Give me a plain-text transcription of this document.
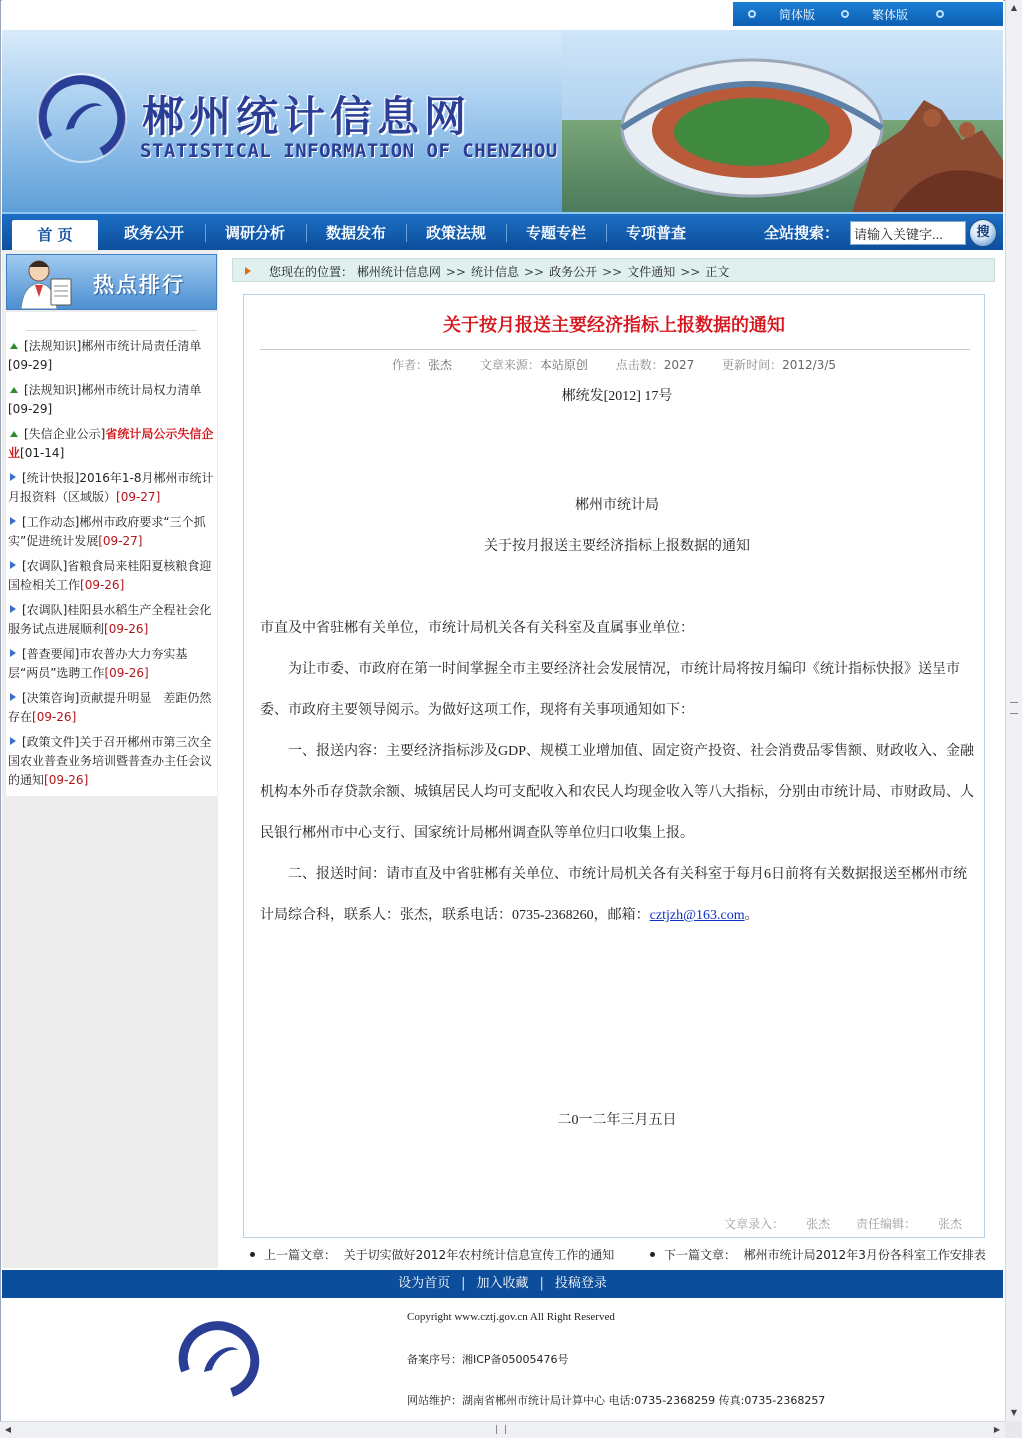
简体版	繁体版
郴州统计信息网
STATISTICAL INFORMATION OF CHENZHOU
首 页	政务公开	调研分析	数据发布	政策法规	专题专栏	专项普查	全站搜索：
请输入关键字...	搜
热点排行
[法规知识]郴州市统计局责任清单
[09-29]
[法规知识]郴州市统计局权力清单
[09-29]
[失信企业公示]省统计局公示失信企业[01-14]
[统计快报]2016年1-8月郴州市统计月报资料（区域版）[09-27]
[工作动态]郴州市政府要求“三个抓实”促进统计发展[09-27]
[农调队]省粮食局来桂阳夏核粮食迎国检相关工作[09-26]
[农调队]桂阳县水稻生产全程社会化服务试点进展顺利[09-26]
[普查要闻]市农普办大力夯实基层“两员”选聘工作[09-26]
[决策咨询]贡献提升明显　差距仍然存在[09-26]
[政策文件]关于召开郴州市第三次全国农业普查业务培训暨普查办主任会议的通知[09-26]
您现在的位置： 郴州统计信息网 >> 统计信息 >> 政务公开 >> 文件通知 >> 正文
关于按月报送主要经济指标上报数据的通知
作者：张杰 文章来源：本站原创 点击数：2027 更新时间：2012/3/5

郴统发[2012] 17号

郴州市统计局

关于按月报送主要经济指标上报数据的通知

市直及中省驻郴有关单位，市统计局机关各有关科室及直属事业单位：

为让市委、市政府在第一时间掌握全市主要经济社会发展情况，市统计局将按月编印《统计指标快报》送呈市委、市政府主要领导阅示。为做好这项工作，现将有关事项通知如下：

一、报送内容：主要经济指标涉及GDP、规模工业增加值、固定资产投资、社会消费品零售额、财政收入、金融机构本外币存贷款余额、城镇居民人均可支配收入和农民人均现金收入等八大指标，分别由市统计局、市财政局、人民银行郴州市中心支行、国家统计局郴州调查队等单位归口收集上报。

二、报送时间：请市直及中省驻郴有关单位、市统计局机关各有关科室于每月6日前将有关数据报送至郴州市统计局综合科，联系人：张杰，联系电话：0735-2368260，邮箱：cztjzh@163.com。

二0一二年三月五日

文章录入： 张杰 责任编辑： 张杰
上一篇文章： 关于切实做好2012年农村统计信息宣传工作的通知	下一篇文章： 郴州市统计局2012年3月份各科室工作安排表
设为首页 | 加入收藏 | 投稿登录
Copyright www.cztj.gov.cn All Right Reserved
备案序号：湘ICP备05005476号
网站维护：湖南省郴州市统计局计算中心 电话:0735-2368259 传真:0735-2368257
▲
▼
◀	▶
